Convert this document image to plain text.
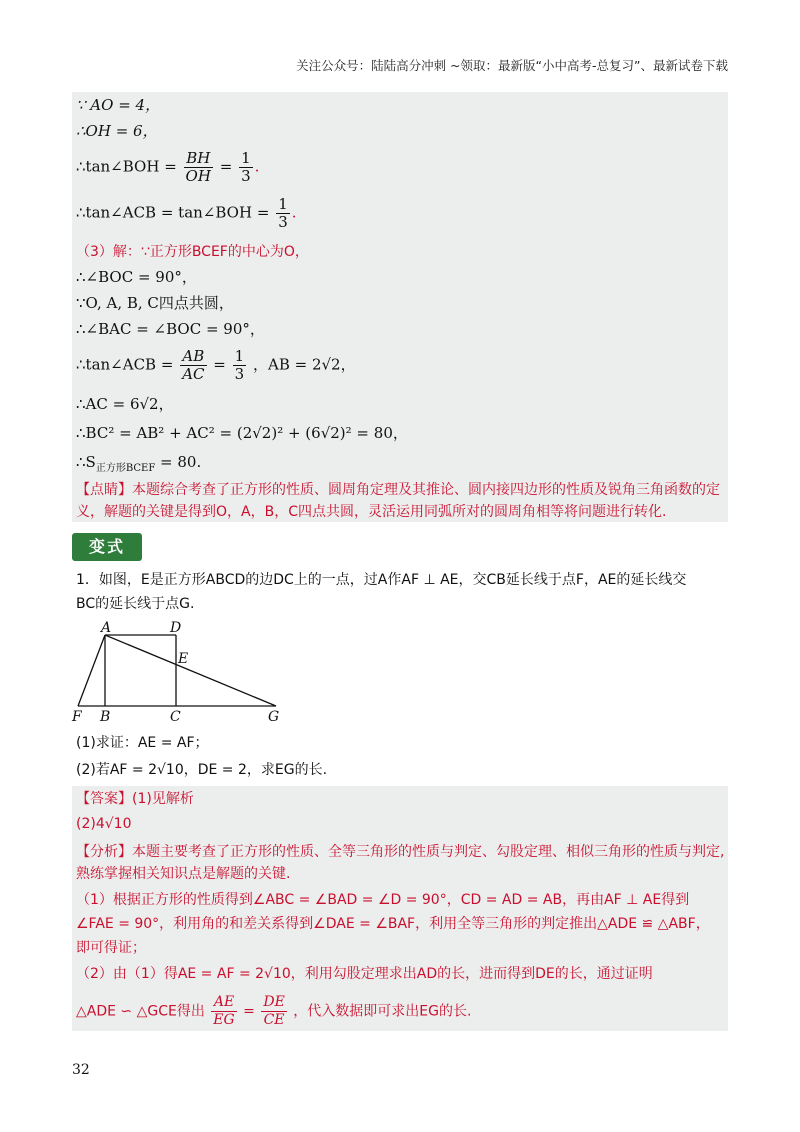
关注公众号：陆陆高分冲刺 ~领取：最新版“小中高考-总复习”、最新试卷下载
∵ AO = 4，
∴OH = 6，
∴tan∠BOH = $\frac{BH}{OH} = \frac{1}{3}$ .
∴tan∠ACB = tan∠BOH = $\frac{1}{3}$ .
（3）解：∵正方形BCEF的中心为O，
∴∠BOC = 90°，
∵O, A, B, C四点共圆，
∴∠BAC = ∠BOC = 90°，
∴tan∠ACB = $\frac{AB}{AC} = \frac{1}{3}$ ，AB = 2√2，
∴AC = 6√2，
∴BC² = AB² + AC² = (2√2)² + (6√2)² = 80，
$\therefore S_{正方形BCEF} = 80$.
【点睛】本题综合考查了正方形的性质、圆周角定理及其推论、圆内接四边形的性质及锐角三角函数的定
义，解题的关键是得到O，A，B，C四点共圆，灵活运用同弧所对的圆周角相等将问题进行转化.
变式
1．如图，E是正方形ABCD的边DC上的一点，过A作AF ⊥ AE，交CB延长线于点F，AE的延长线交
BC的延长线于点G.
A	D
E
F B	C	G
(1)求证：AE = AF；
(2)若AF = 2√10，DE = 2，求EG的长.
【答案】(1)见解析
(2)4√10
【分析】本题主要考查了正方形的性质、全等三角形的性质与判定、勾股定理、相似三角形的性质与判定,
熟练掌握相关知识点是解题的关键.
（1）根据正方形的性质得到∠ABC = ∠BAD = ∠D = 90°，CD = AD = AB，再由AF ⊥ AE得到
∠FAE = 90°，利用角的和差关系得到∠DAE = ∠BAF，利用全等三角形的判定推出△ADE ≌ △ABF，
即可得证；
（2）由（1）得AE = AF = 2√10，利用勾股定理求出AD的长，进而得到DE的长，通过证明
△ADE ∽ △GCE得出 $\frac{AE}{EG} = \frac{DE}{CE}$ ，代入数据即可求出EG的长.
32
